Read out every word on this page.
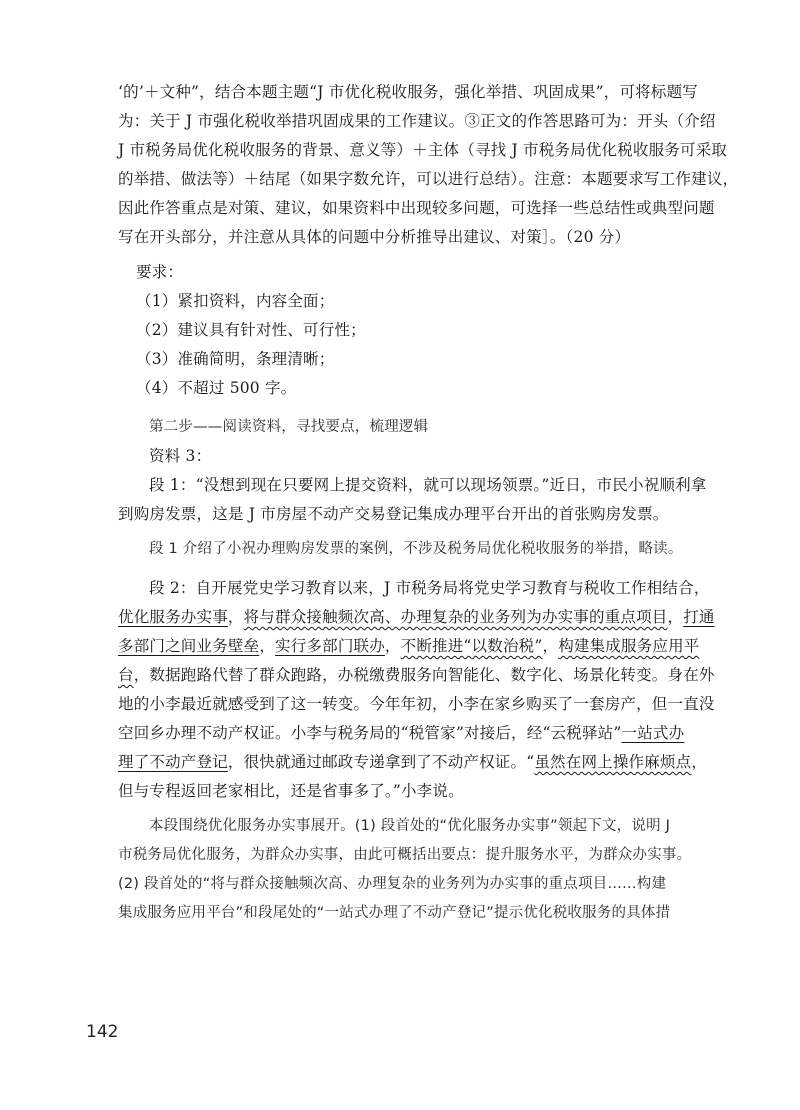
‘的’＋文种”，结合本题主题“J 市优化税收服务，强化举措、巩固成果”，可将标题写
为：关于 J 市强化税收举措巩固成果的工作建议。③正文的作答思路可为：开头（介绍
J 市税务局优化税收服务的背景、意义等）＋主体（寻找 J 市税务局优化税收服务可采取
的举措、做法等）＋结尾（如果字数允许，可以进行总结）。注意：本题要求写工作建议，
因此作答重点是对策、建议，如果资料中出现较多问题，可选择一些总结性或典型问题
写在开头部分，并注意从具体的问题中分析推导出建议、对策］。（20 分）
要求：
（1）紧扣资料，内容全面；
（2）建议具有针对性、可行性；
（3）准确简明，条理清晰；
（4）不超过 500 字。
第二步——阅读资料，寻找要点，梳理逻辑
资料 3：
段 1：“没想到现在只要网上提交资料，就可以现场领票。”近日，市民小祝顺利拿
到购房发票，这是 J 市房屋不动产交易登记集成办理平台开出的首张购房发票。
段 1 介绍了小祝办理购房发票的案例，不涉及税务局优化税收服务的举措，略读。
段 2：自开展党史学习教育以来，J 市税务局将党史学习教育与税收工作相结合，
优化服务办实事，将与群众接触频次高、办理复杂的业务列为办实事的重点项目，打通
多部门之间业务壁垒，实行多部门联办，不断推进“以数治税”，构建集成服务应用平
台，数据跑路代替了群众跑路，办税缴费服务向智能化、数字化、场景化转变。身在外
地的小李最近就感受到了这一转变。今年年初，小李在家乡购买了一套房产，但一直没
空回乡办理不动产权证。小李与税务局的“税管家”对接后，经“云税驿站”一站式办
理了不动产登记，很快就通过邮政专递拿到了不动产权证。“虽然在网上操作麻烦点，
但与专程返回老家相比，还是省事多了。”小李说。
本段围绕优化服务办实事展开。(1) 段首处的“优化服务办实事”领起下文，说明 J
市税务局优化服务，为群众办实事，由此可概括出要点：提升服务水平，为群众办实事。
(2) 段首处的“将与群众接触频次高、办理复杂的业务列为办实事的重点项目……构建
集成服务应用平台”和段尾处的“一站式办理了不动产登记”提示优化税收服务的具体措
142
